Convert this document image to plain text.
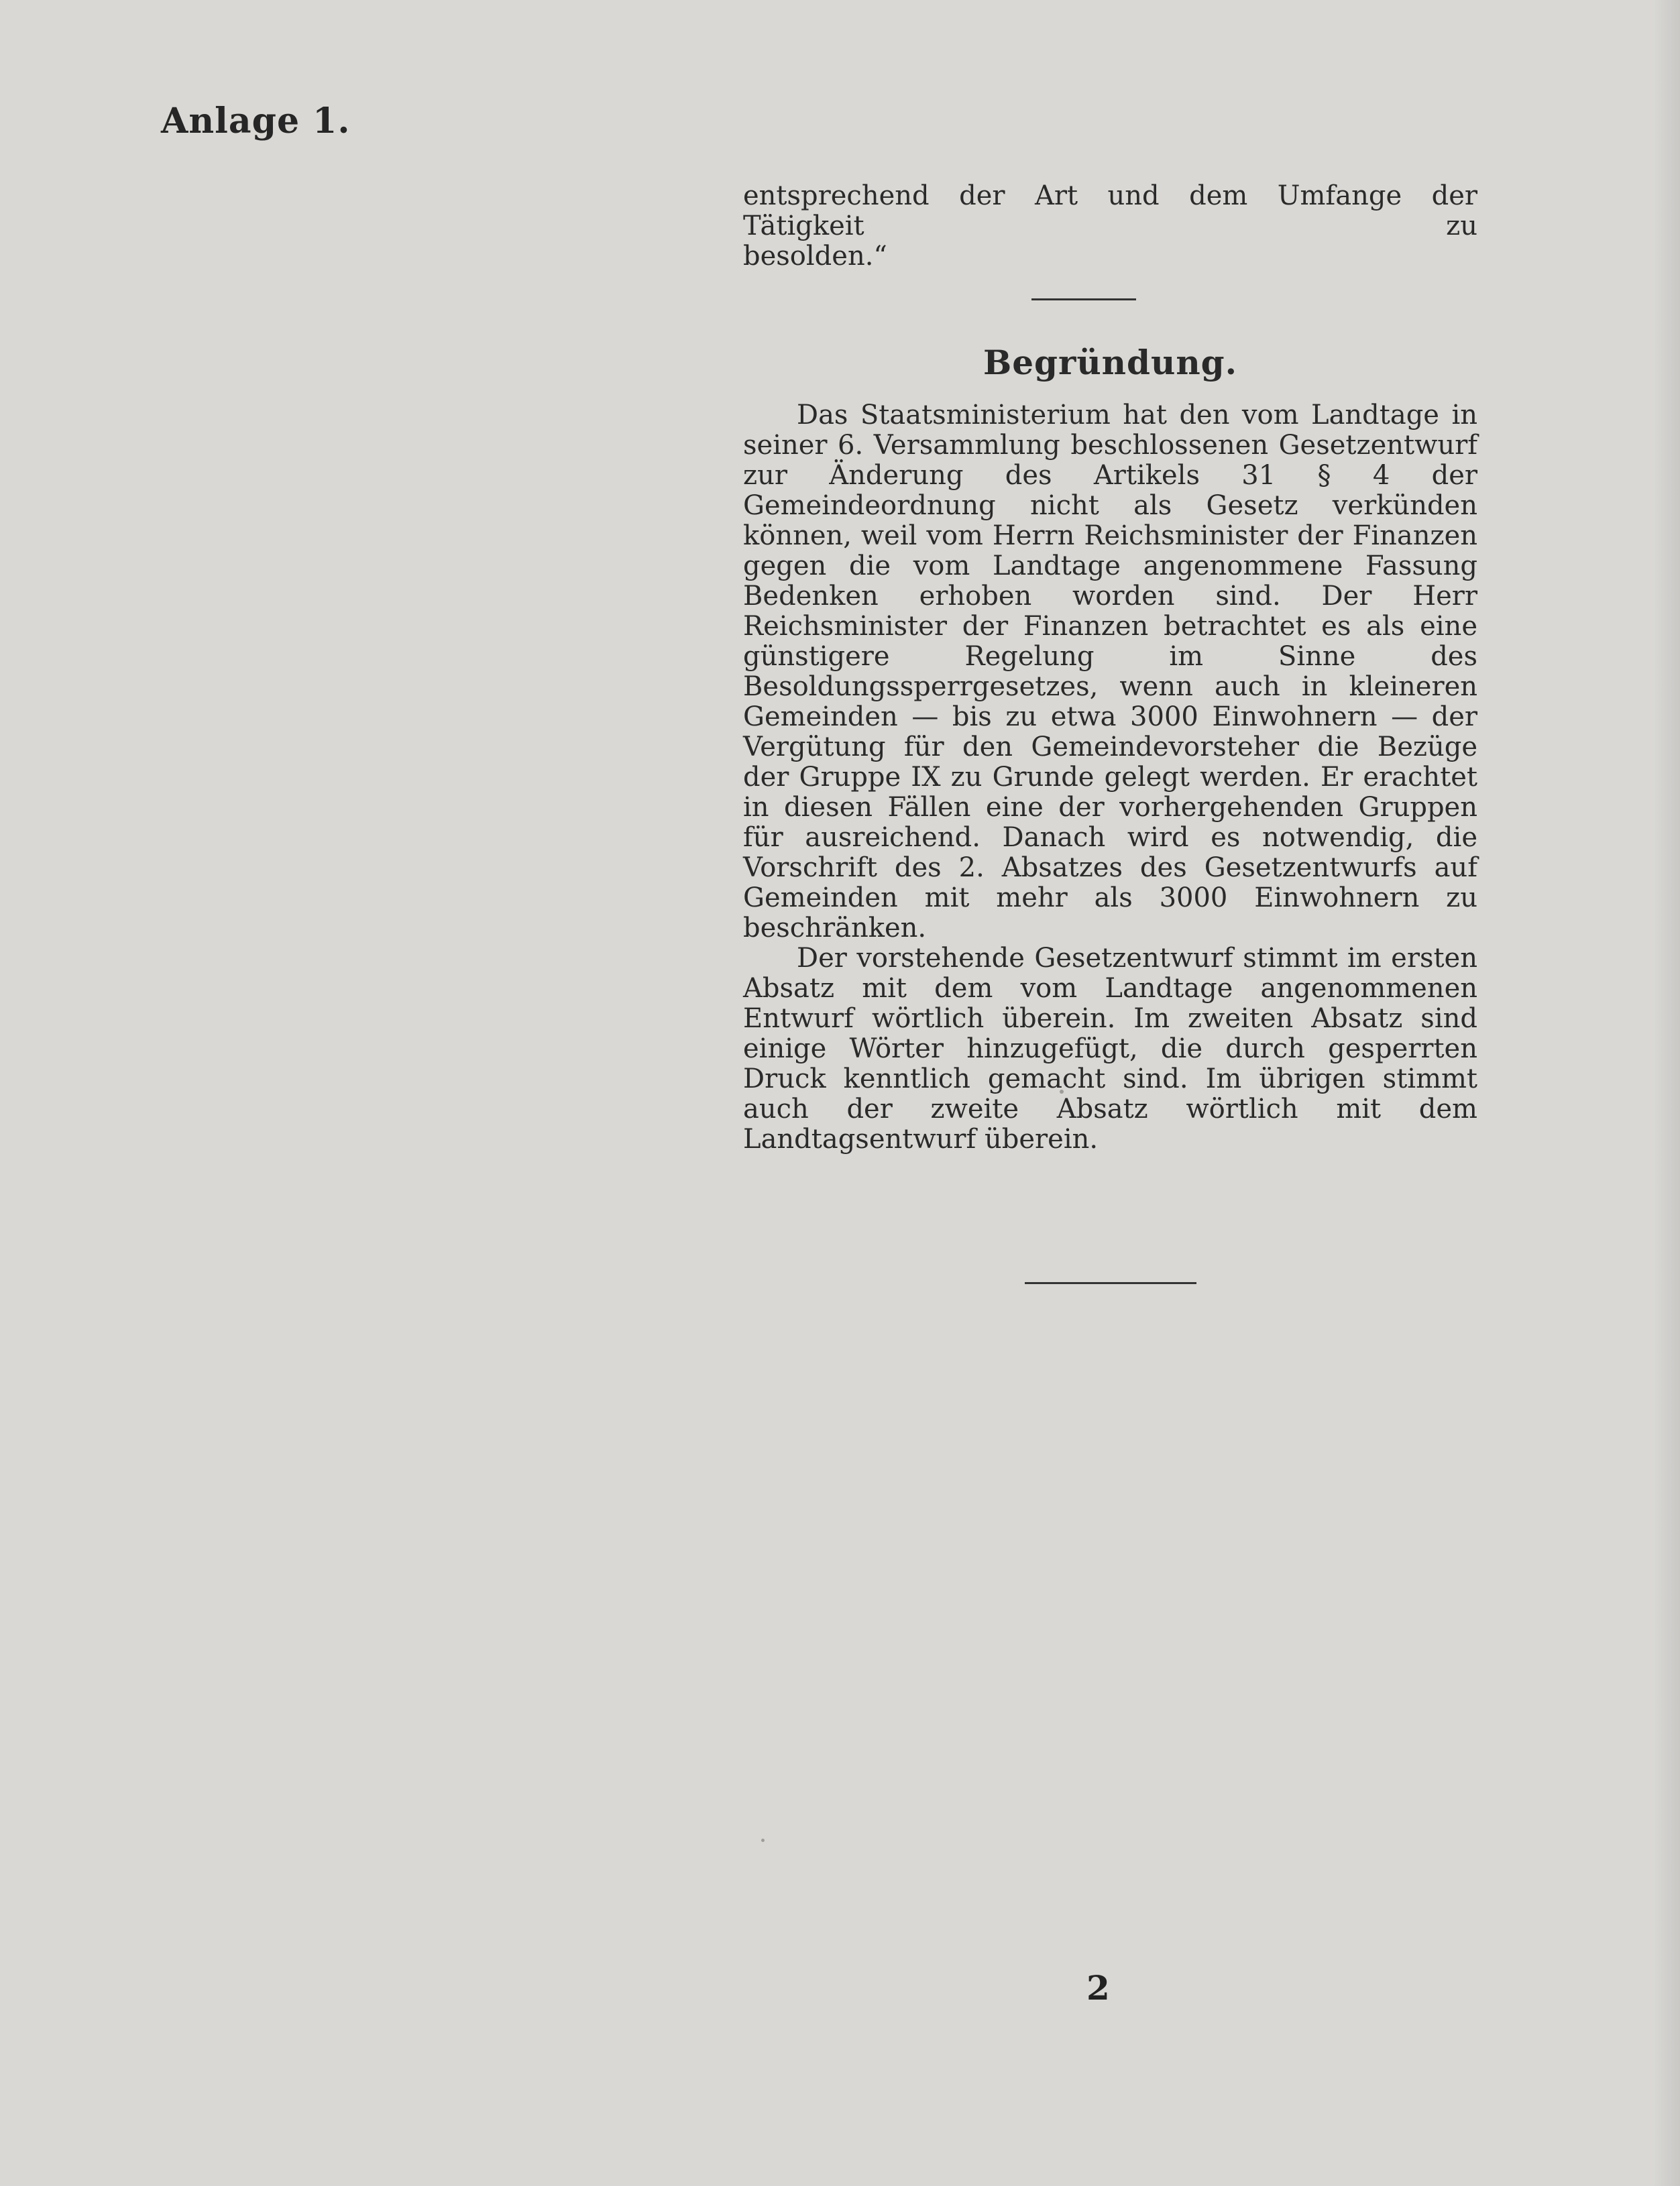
Anlage 1.

entsprechend der Art und dem Umfange der Tätigkeit zu

besolden.“

Begründung.

Das Staatsministerium hat den vom Landtage in seiner 6. Versammlung beschlossenen Gesetzentwurf zur Änderung des Artikels 31 § 4 der Gemeindeordnung nicht als Gesetz verkünden können, weil vom Herrn Reichsminister der Finanzen gegen die vom Landtage angenommene Fassung Bedenken erhoben worden sind. Der Herr Reichsminister der Finanzen betrachtet es als eine günstigere Regelung im Sinne des Besoldungssperrgesetzes, wenn auch in kleineren Gemeinden — bis zu etwa 3000 Einwohnern — der Vergütung für den Gemeindevorsteher die Bezüge der Gruppe IX zu Grunde gelegt werden. Er erachtet in diesen Fällen eine der vorhergehenden Gruppen für ausreichend. Danach wird es notwendig, die Vorschrift des 2. Absatzes des Gesetzentwurfs auf Gemeinden mit mehr als 3000 Einwohnern zu beschränken.

Der vorstehende Gesetzentwurf stimmt im ersten Absatz mit dem vom Landtage angenommenen Entwurf wörtlich überein. Im zweiten Absatz sind einige Wörter hinzugefügt, die durch gesperrten Druck kenntlich gemacht sind. Im übrigen stimmt auch der zweite Absatz wörtlich mit dem Landtagsentwurf überein.

2
